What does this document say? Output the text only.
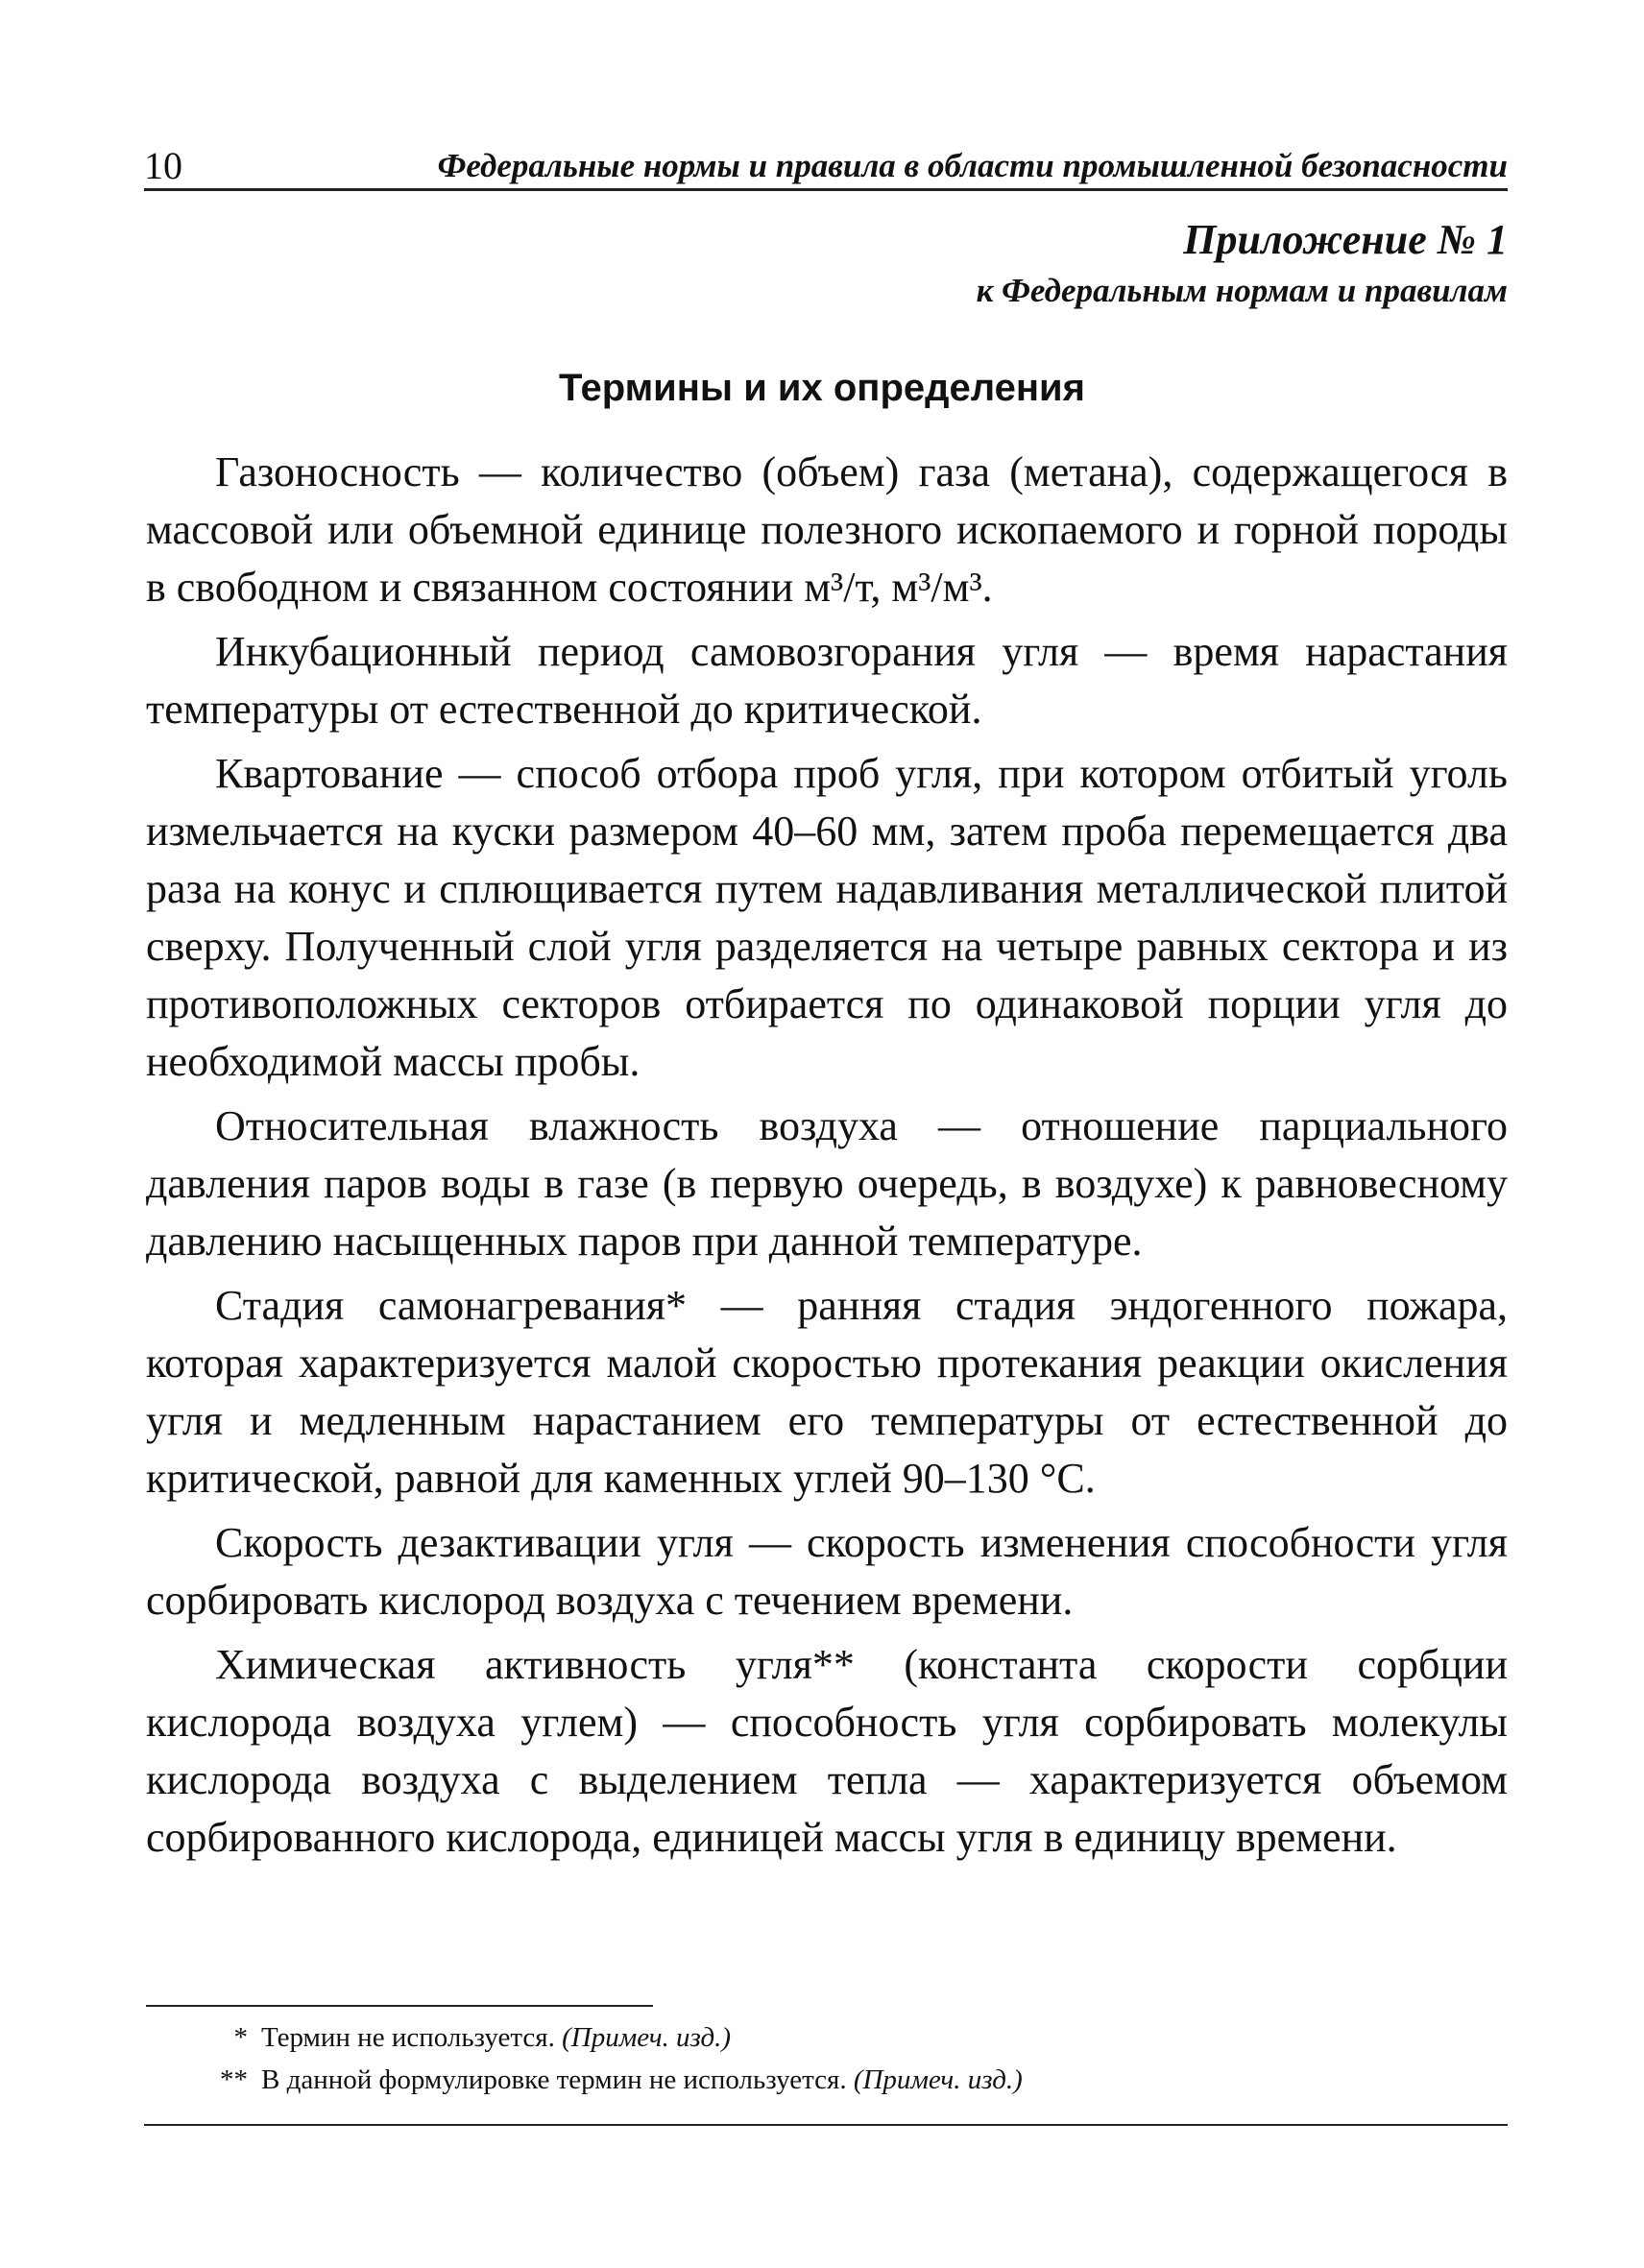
10	Федеральные нормы и правила в области промышленной безопасности
Приложение № 1
к Федеральным нормам и правилам
Термины и их определения

Газоносность — количество (объем) газа (метана), содержащегося в массовой или объемной единице полезного ископаемого и горной породы в свободном и связанном состоянии м³/т, м³/м³.

Инкубационный период самовозгорания угля — время нарастания температуры от естественной до критической.

Квартование — способ отбора проб угля, при котором отбитый уголь измельчается на куски размером 40–60 мм, затем проба перемещается два раза на конус и сплющивается путем надавливания металлической плитой сверху. Полученный слой угля разделяется на четыре равных сектора и из противоположных секторов отбирается по одинаковой порции угля до необходимой массы пробы.

Относительная влажность воздуха — отношение парциального давления паров воды в газе (в первую очередь, в воздухе) к равновесному давлению насыщенных паров при данной температуре.

Стадия самонагревания* — ранняя стадия эндогенного пожара, которая характеризуется малой скоростью протекания реакции окисления угля и медленным нарастанием его температуры от естественной до критической, равной для каменных углей 90–130 °С.

Скорость дезактивации угля — скорость изменения способности угля сорбировать кислород воздуха с течением времени.

Химическая активность угля** (константа скорости сорбции кислорода воздуха углем) — способность угля сорбировать молекулы кислорода воздуха с выделением тепла — характеризуется объемом сорбированного кислорода, единицей массы угля в единицу времени.

* Термин не используется. (Примеч. изд.)
** В данной формулировке термин не используется. (Примеч. изд.)
